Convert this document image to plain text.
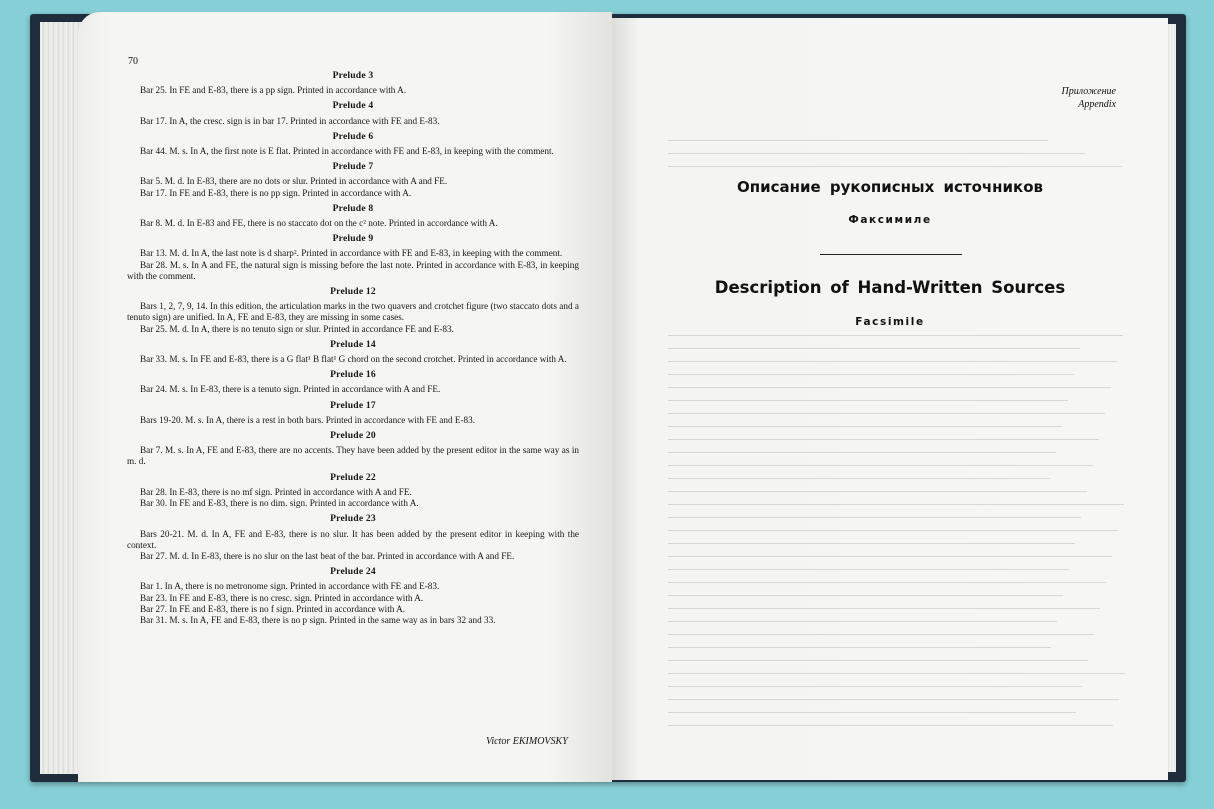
70
Prelude 3

Bar 25. In FE and E-83, there is a pp sign. Printed in accordance with A.

Prelude 4

Bar 17. In A, the cresc. sign is in bar 17. Printed in accordance with FE and E-83.

Prelude 6

Bar 44. M. s. In A, the first note is E flat. Printed in accordance with FE and E-83, in keeping with the comment.

Prelude 7

Bar 5. M. d. In E-83, there are no dots or slur. Printed in accordance with A and FE.

Bar 17. In FE and E-83, there is no pp sign. Printed in accordance with A.

Prelude 8

Bar 8. M. d. In E-83 and FE, there is no staccato dot on the c² note. Printed in accordance with A.

Prelude 9

Bar 13. M. d. In A, the last note is d sharp². Printed in accordance with FE and E-83, in keeping with the comment.

Bar 28. M. s. In A and FE, the natural sign is missing before the last note. Printed in accordance with E-83, in keeping with the comment.

Prelude 12

Bars 1, 2, 7, 9, 14. In this edition, the articulation marks in the two quavers and crotchet figure (two staccato dots and a tenuto sign) are unified. In A, FE and E-83, they are missing in some cases.

Bar 25. M. d. In A, there is no tenuto sign or slur. Printed in accordance FE and E-83.

Prelude 14

Bar 33. M. s. In FE and E-83, there is a G flat¹ B flat¹ G chord on the second crotchet. Printed in accordance with A.

Prelude 16

Bar 24. M. s. In E-83, there is a tenuto sign. Printed in accordance with A and FE.

Prelude 17

Bars 19-20. M. s. In A, there is a rest in both bars. Printed in accordance with FE and E-83.

Prelude 20

Bar 7. M. s. In A, FE and E-83, there are no accents. They have been added by the present editor in the same way as in m. d.

Prelude 22

Bar 28. In E-83, there is no mf sign. Printed in accordance with A and FE.

Bar 30. In FE and E-83, there is no dim. sign. Printed in accordance with A.

Prelude 23

Bars 20-21. M. d. In A, FE and E-83, there is no slur. It has been added by the present editor in keeping with the context.

Bar 27. M. d. In E-83, there is no slur on the last beat of the bar. Printed in accordance with A and FE.

Prelude 24

Bar 1. In A, there is no metronome sign. Printed in accordance with FE and E-83.

Bar 23. In FE and E-83, there is no cresc. sign. Printed in accordance with A.

Bar 27. In FE and E-83, there is no f sign. Printed in accordance with A.

Bar 31. M. s. In A, FE and E-83, there is no p sign. Printed in the same way as in bars 32 and 33.

Victor EKIMOVSKY
Приложение
Appendix
Описание рукописных источников
Факсимиле
Description of Hand-Written Sources
Facsimile
